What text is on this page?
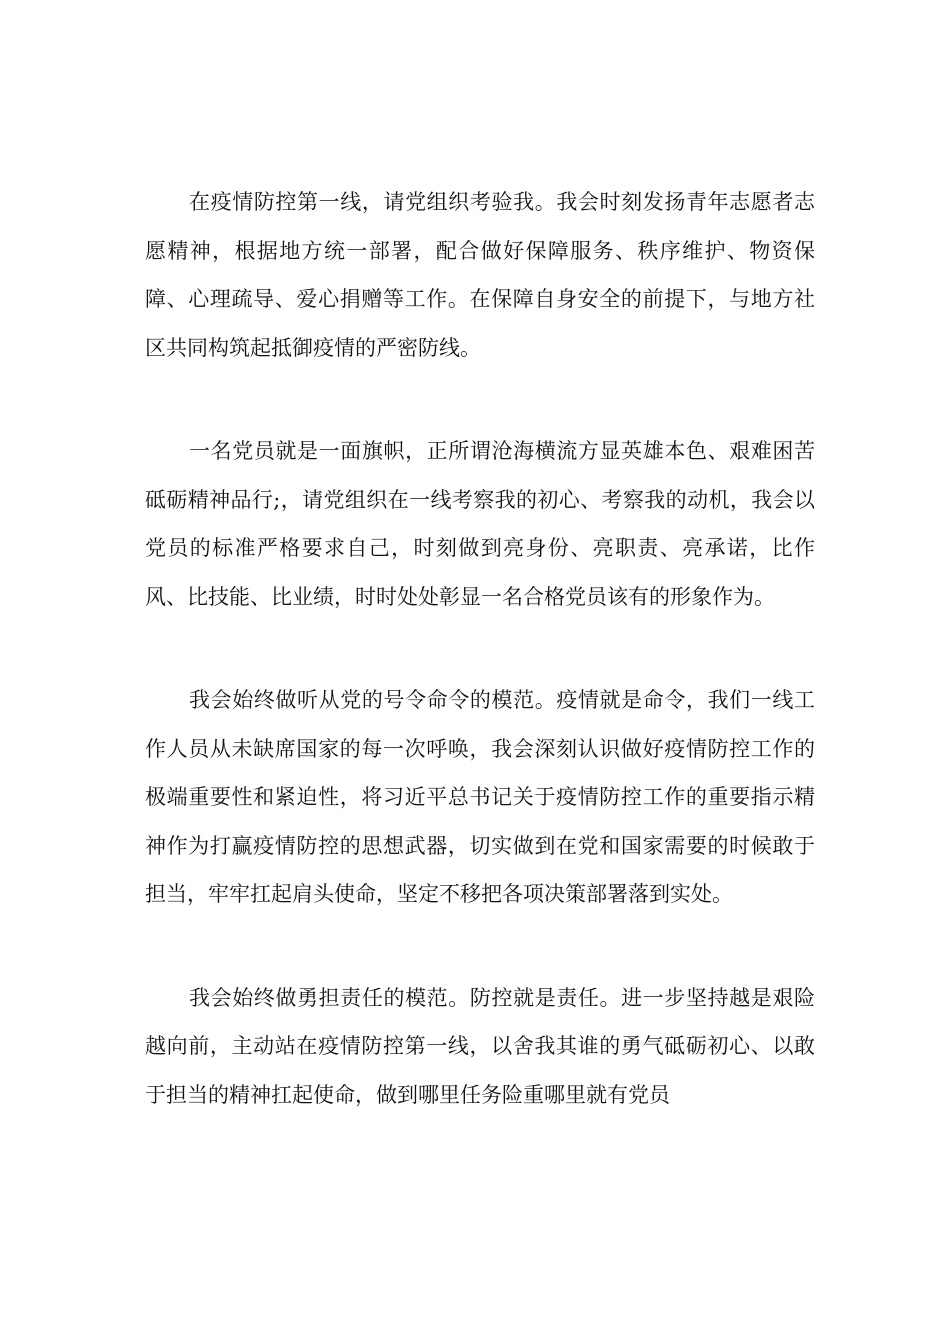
在疫情防控第一线，请党组织考验我。我会时刻发扬青年志愿者志愿精神，根据地方统一部署，配合做好保障服务、秩序维护、物资保障、心理疏导、爱心捐赠等工作。在保障自身安全的前提下，与地方社区共同构筑起抵御疫情的严密防线。

一名党员就是一面旗帜，正所谓沧海横流方显英雄本色、艰难困苦砥砺精神品行;，请党组织在一线考察我的初心、考察我的动机，我会以党员的标准严格要求自己，时刻做到亮身份、亮职责、亮承诺，比作风、比技能、比业绩，时时处处彰显一名合格党员该有的形象作为。

我会始终做听从党的号令命令的模范。疫情就是命令，我们一线工作人员从未缺席国家的每一次呼唤，我会深刻认识做好疫情防控工作的极端重要性和紧迫性，将习近平总书记关于疫情防控工作的重要指示精神作为打赢疫情防控的思想武器，切实做到在党和国家需要的时候敢于担当，牢牢扛起肩头使命，坚定不移把各项决策部署落到实处。

我会始终做勇担责任的模范。防控就是责任。进一步坚持越是艰险越向前，主动站在疫情防控第一线，以舍我其谁的勇气砥砺初心、以敢于担当的精神扛起使命，做到哪里任务险重哪里就有党员
